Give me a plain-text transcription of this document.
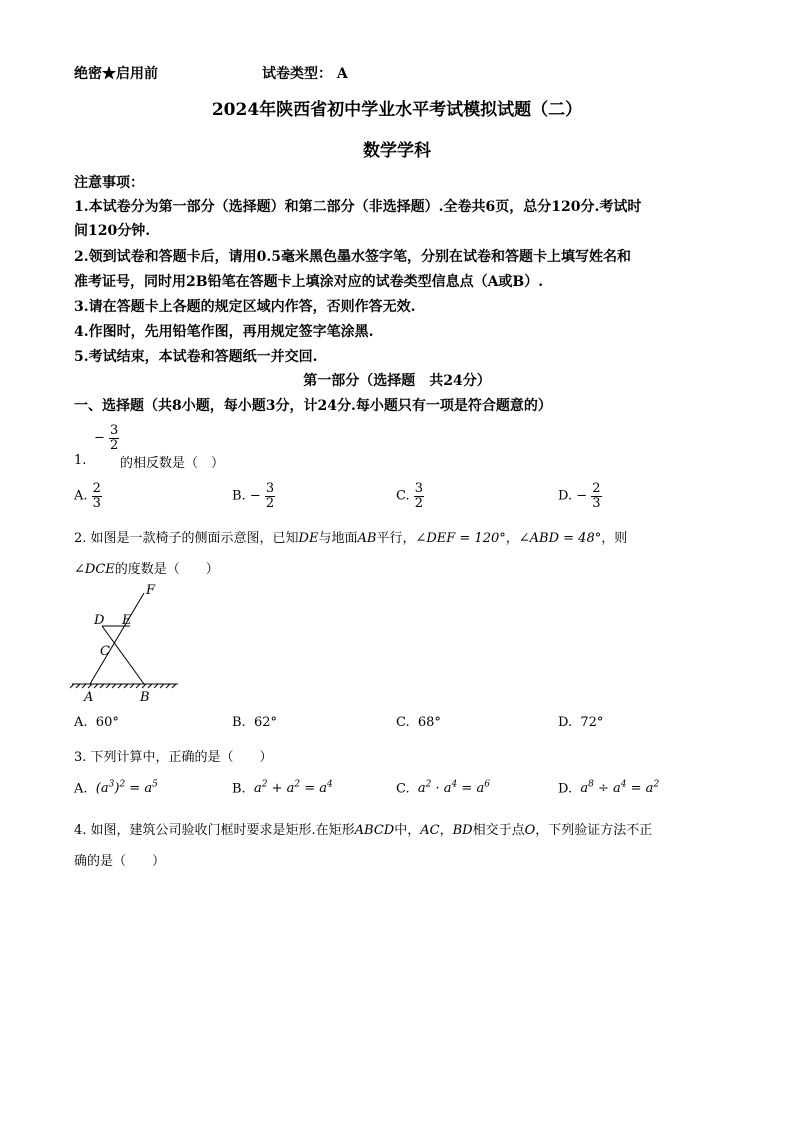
绝密★启用前	试卷类型： A
2024年陕西省初中学业水平考试模拟试题（二）
数学学科
注意事项：
1.本试卷分为第一部分（选择题）和第二部分（非选择题）.全卷共6页，总分120分.考试时
间120分钟.
2.领到试卷和答题卡后，请用0.5毫米黑色墨水签字笔，分别在试卷和答题卡上填写姓名和
准考证号，同时用2B铅笔在答题卡上填涂对应的试卷类型信息点（A或B）.
3.请在答题卡上各题的规定区域内作答，否则作答无效.
4.作图时，先用铅笔作图，再用规定签字笔涂黑.
5.考试结束，本试卷和答题纸一并交回.
第一部分（选择题　共24分）
一、选择题（共8小题，每小题3分，计24分.每小题只有一项是符合题意的）
− $\frac{3}{2}$
1.	的相反数是（　）
A. $\frac{2}{3}$	B. − $\frac{3}{2}$	C. $\frac{3}{2}$	D. − $\frac{2}{3}$
2. 如图是一款椅子的侧面示意图，已知DE与地面AB平行，∠DEF = 120°，∠ABD = 48°，则
∠DCE的度数是（　　）
F
D E
C
A	B
A. 60°	B. 62°	C. 68°	D. 72°
3. 下列计算中，正确的是（　　）
A. $(a^3)^2 = a^5$	B. $a^2 + a^2 = a^4$	C. $a^2 \cdot a^4 = a^6$	D. $a^8 \div a^4 = a^2$
4. 如图，建筑公司验收门框时要求是矩形.在矩形ABCD中，AC，BD相交于点O，下列验证方法不正
确的是（　　）
